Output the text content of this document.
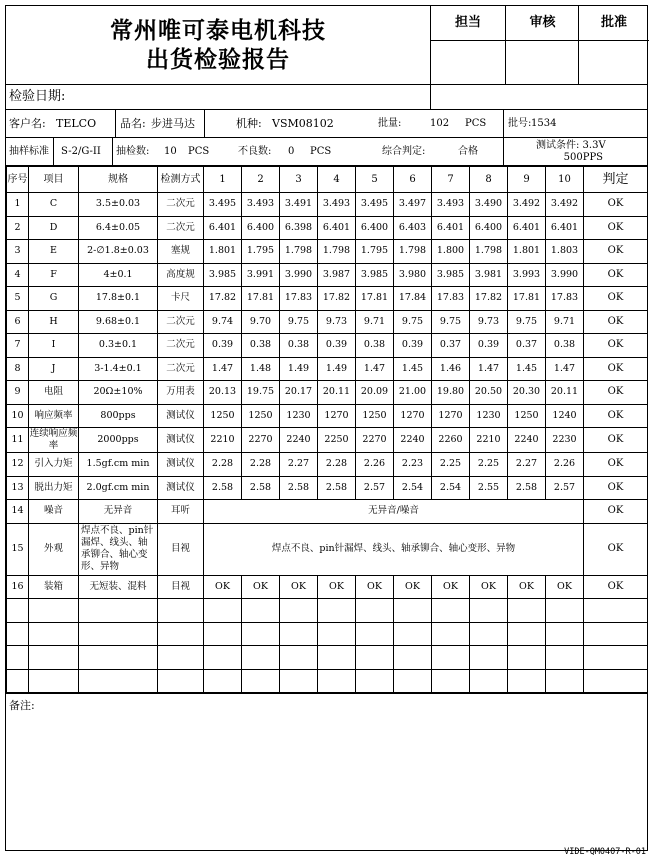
常州唯可泰电机科技
出货检验报告
担当	审核	批准
检验日期:
客户名: TELCO 品名: 步进马达	机种: VSM08102	批量:	102 PCS 批号: 1534
抽样标准 S-2/G-II 抽检数: 10 PCS	不良数: 0 PCS	综合判定:	合格
测试条件: 3.3V
500PPS
序号	项目	规格	检测方式	1	2	3	4	5	6	7	8	9	10	判定
1	C	3.5±0.03	二次元	3.495	3.493	3.491	3.493	3.495	3.497	3.493	3.490	3.492	3.492	OK
2	D	6.4±0.05	二次元	6.401	6.400	6.398	6.401	6.400	6.403	6.401	6.400	6.401	6.401	OK
3	E	2-∅1.8±0.03	塞规	1.801	1.795	1.798	1.798	1.795	1.798	1.800	1.798	1.801	1.803	OK
4	F	4±0.1	高度规	3.985	3.991	3.990	3.987	3.985	3.980	3.985	3.981	3.993	3.990	OK
5	G	17.8±0.1	卡尺	17.82	17.81	17.83	17.82	17.81	17.84	17.83	17.82	17.81	17.83	OK
6	H	9.68±0.1	二次元	9.74	9.70	9.75	9.73	9.71	9.75	9.75	9.73	9.75	9.71	OK
7	I	0.3±0.1	二次元	0.39	0.38	0.38	0.39	0.38	0.39	0.37	0.39	0.37	0.38	OK
8	J	3-1.4±0.1	二次元	1.47	1.48	1.49	1.49	1.47	1.45	1.46	1.47	1.45	1.47	OK
9	电阻	20Ω±10%	万用表	20.13	19.75	20.17	20.11	20.09	21.00	19.80	20.50	20.30	20.11	OK
10	响应频率	800pps	测试仪	1250	1250	1230	1270	1250	1270	1270	1230	1250	1240	OK
11	连续响应频率	2000pps	测试仪	2210	2270	2240	2250	2270	2240	2260	2210	2240	2230	OK
12	引入力矩	1.5gf.cm min	测试仪	2.28	2.28	2.27	2.28	2.26	2.23	2.25	2.25	2.27	2.26	OK
13	脱出力矩	2.0gf.cm min	测试仪	2.58	2.58	2.58	2.58	2.57	2.54	2.54	2.55	2.58	2.57	OK
14	噪音	无异音	耳听	无异音/噪音										OK
15	外观	焊点不良、pin针漏焊、线头、轴承铆合、轴心变形、异物	目视	焊点不良、pin针漏焊、线头、轴承铆合、轴心变形、异物										OK
16	装箱	无短装、混料	目视	OK	OK	OK	OK	OK	OK	OK	OK	OK	OK	OK

备注:
VIDE-QM0407-R-01
